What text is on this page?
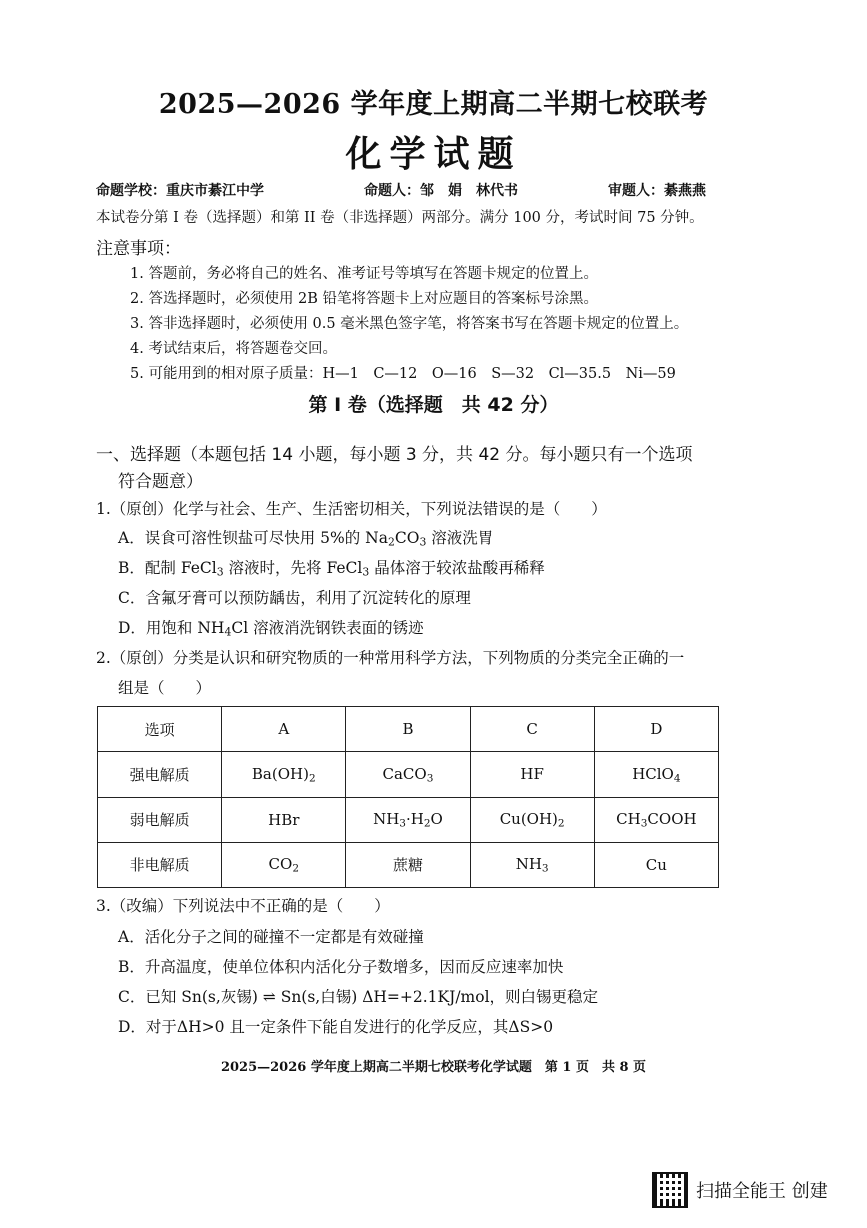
2025—2026 学年度上期高二半期七校联考
化学试题
命题学校：重庆市綦江中学	命题人：邹　娟　林代书	审题人：綦燕燕
本试卷分第 I 卷（选择题）和第 II 卷（非选择题）两部分。满分 100 分，考试时间 75 分钟。
注意事项：
1. 答题前，务必将自己的姓名、准考证号等填写在答题卡规定的位置上。
2. 答选择题时，必须使用 2B 铅笔将答题卡上对应题目的答案标号涂黑。
3. 答非选择题时，必须使用 0.5 毫米黑色签字笔，将答案书写在答题卡规定的位置上。
4. 考试结束后，将答题卷交回。
5. 可能用到的相对原子质量：H—1　C—12　O—16　S—32　Cl—35.5　Ni—59
第 I 卷（选择题　共 42 分）
一、选择题（本题包括 14 小题，每小题 3 分，共 42 分。每小题只有一个选项
符合题意）
1.（原创）化学与社会、生产、生活密切相关，下列说法错误的是（　　）
A．误食可溶性钡盐可尽快用 5%的 $Na_2CO_3$ 溶液洗胃
B．配制 FeCl$_3$ 溶液时，先将 FeCl$_3$ 晶体溶于较浓盐酸再稀释
C．含氟牙膏可以预防龋齿，利用了沉淀转化的原理
D．用饱和 $NH_4Cl$ 溶液消洗钢铁表面的锈迹
2.（原创）分类是认识和研究物质的一种常用科学方法，下列物质的分类完全正确的一
组是（　　）
选项	A	B	C	D
强电解质	$Ba(OH)_2$	CaCO$_3$	HF	HClO$_4$
弱电解质	HBr	$NH_3\cdot H_2O$	$Cu(OH)_2$	$CH_3COOH$
非电解质	$CO_2$	蔗糖	$NH_3$	Cu
3.（改编）下列说法中不正确的是（　　）
A．活化分子之间的碰撞不一定都是有效碰撞
B．升高温度，使单位体积内活化分子数增多，因而反应速率加快
C．已知 Sn(s,灰锡) ⇌ Sn(s,白锡) ΔH=+2.1KJ/mol，则白锡更稳定
D．对于ΔH>0 且一定条件下能自发进行的化学反应，其ΔS>0
2025—2026 学年度上期高二半期七校联考化学试题　第 1 页　共 8 页
扫描全能王 创建
